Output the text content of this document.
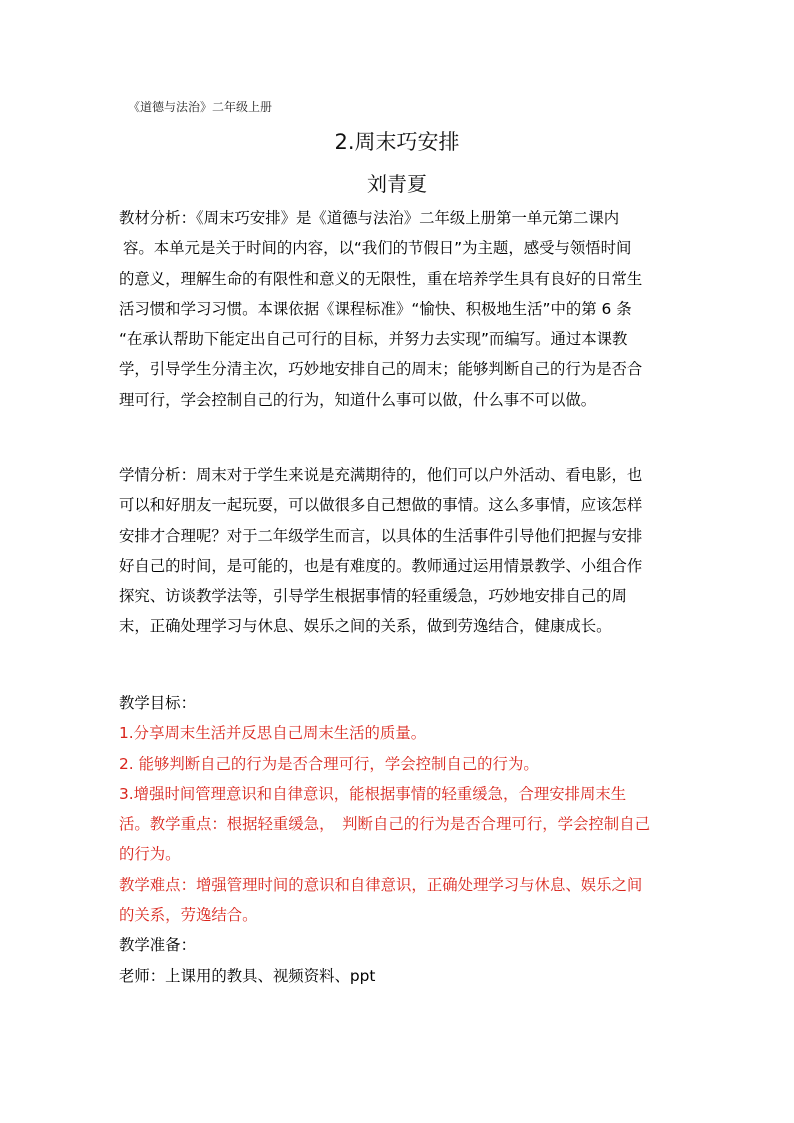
《道德与法治》二年级上册
2.周末巧安排
刘青夏
教材分析：《周末巧安排》是《道德与法治》二年级上册第一单元第二课内
容。本单元是关于时间的内容，以“我们的节假日”为主题，感受与领悟时间
的意义，理解生命的有限性和意义的无限性，重在培养学生具有良好的日常生
活习惯和学习习惯。本课依据《课程标准》“愉快、积极地生活”中的第 6 条
“在承认帮助下能定出自己可行的目标，并努力去实现”而编写。通过本课教
学，引导学生分清主次，巧妙地安排自己的周末；能够判断自己的行为是否合
理可行，学会控制自己的行为，知道什么事可以做，什么事不可以做。
学情分析：周末对于学生来说是充满期待的，他们可以户外活动、看电影，也
可以和好朋友一起玩耍，可以做很多自己想做的事情。这么多事情，应该怎样
安排才合理呢？对于二年级学生而言，以具体的生活事件引导他们把握与安排
好自己的时间，是可能的，也是有难度的。教师通过运用情景教学、小组合作
探究、访谈教学法等，引导学生根据事情的轻重缓急，巧妙地安排自己的周
末，正确处理学习与休息、娱乐之间的关系，做到劳逸结合，健康成长。
教学目标：
1.分享周末生活并反思自己周末生活的质量。
2. 能够判断自己的行为是否合理可行，学会控制自己的行为。
3.增强时间管理意识和自律意识，能根据事情的轻重缓急，合理安排周末生
活。教学重点：根据轻重缓急，　判断自己的行为是否合理可行，学会控制自己
的行为。
教学难点：增强管理时间的意识和自律意识，正确处理学习与休息、娱乐之间
的关系，劳逸结合。
教学准备：
老师：上课用的教具、视频资料、ppt
